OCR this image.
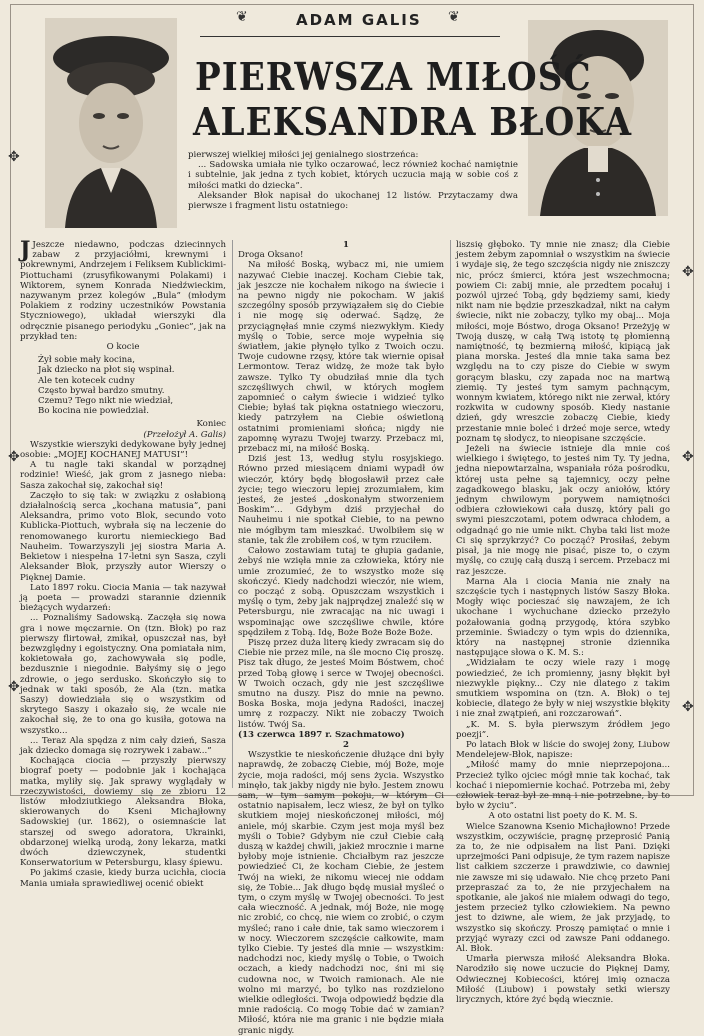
✥
✥
✥
✥
✥
✥
❦	❦
ADAM GALIS
PIERWSZA MIŁOŚĆ
ALEKSANDRA BŁOKA

pierwszej wielkiej miłości jej genialnego siostrzeńca:

... Sadowska umiała nie tylko oczarować, lecz również kochać namiętnie i subtelnie, jak jedna z tych kobiet, których uczucia mają w sobie coś z miłości matki do dziecka”.

Aleksander Błok napisał do ukochanej 12 listów. Przytaczamy dwa pierwsze i fragment listu ostatniego:

J Jeszcze niedawno, podczas dziecinnych zabaw z przyjaciółmi, krewnymi i pokrewnymi, Andrzejem i Feliksem Kublickimi-Piottuchami (zrusyfikowanymi Polakami) i Wiktorem, synem Konrada Niedźwieckim, nazywanym przez kolegów „Bula” (młodym Polakiem z rodziny uczestników Powstania Styczniowego), układał wierszyki dla odręcznie pisanego periodyku „Goniec”, jak na przykład ten:

O kocie

Żył sobie mały kocina,
Jak dziecko na płot się wspinał.
Ale ten kotecek cudny
Często bywał bardzo smutny.
Czemu? Tego nikt nie wiedział,
Bo kocina nie powiedział.

Koniec

(Przełożył A. Galis)

Wszystkie wierszyki dedykowane były jednej osobie: „MOJEJ KOCHANEJ MATUSI”!

A tu nagle taki skandal w porządnej rodzinie! Wieść, jak grom z jasnego nieba: Sasza zakochał się, zakochał się!

Zaczęło to się tak: w związku z osłabioną działalnością serca „kochana matusia”, pani Aleksandra, primo voto Blok, secundo voto Kublicka-Piottuch, wybrała się na leczenie do renomowanego kurortu niemieckiego Bad Nauheim. Towarzyszyli jej siostra Maria A. Bekietow i niespełna 17-letni syn Sasza, czyli Aleksander Błok, przyszły autor Wierszy o Pięknej Damie.

Lato 1897 roku. Ciocia Mania — tak nazywał ją poeta — prowadzi starannie dziennik bieżących wydarzeń:

... Poznaliśmy Sadowską. Zaczęła się nowa gra i nowe męczarnie. On (tzn. Błok) po raz pierwszy flirtował, zmikał, opuszczał nas, był bezwzględny i egoistyczny. Ona pomiatała nim, kokietowała go, zachowywała się podle, bezdusznie i niegodnie. Bałyśmy się o jego zdrowie, o jego serdusko. Skończyło się to jednak w taki sposób, że Ala (tzn. matka Saszy) dowiedziała się o wszystkim od skrytego Saszy i okazało się, że wcale nie zakochał się, że to ona go kusiła, gotowa na wszystko...

... Teraz Ala spędza z nim cały dzień, Sasza jak dziecko domaga się rozrywek i zabaw...”

Kochająca ciocia — przyszły pierwszy biograf poety — podobnie jak i kochająca matka, myliły się. Jak sprawy wyglądały w rzeczywistości, dowiemy się ze zbioru 12 listów młodziutkiego Aleksandra Błoka, skierowanych do Kseni Michajłowny Sadowskiej (ur. 1862), o osiemnaście lat starszej od swego adoratora, Ukrainki, obdarzonej wielką urodą, żony lekarza, matki dwóch dziewczynek, studentki Konserwatorium w Petersburgu, klasy śpiewu.

Po jakimś czasie, kiedy burza ucichła, ciocia Mania umiała sprawiedliwej ocenić obiekt

1

Droga Oksano!

Na miłość Boską, wybacz mi, nie umiem nazywać Ciebie inaczej. Kocham Ciebie tak, jak jeszcze nie kochałem nikogo na świecie i na pewno nigdy nie pokocham. W jakiś szczególny sposób przywiązałem się do Ciebie i nie mogę się oderwać. Sądzę, że przyciągnęłaś mnie czymś niezwykłym. Kiedy myślę o Tobie, serce moje wypełnia się światłem, jakie płynęło tylko z Twoich oczu. Twoje cudowne rzęsy, które tak wiernie opisał Lermontow. Teraz widzę, że może tak było zawsze. Tylko Ty obudziłaś mnie dla tych szczęśliwych chwil, w których mogłem zapomnieć o całym świecie i widzieć tylko Ciebie; byłaś tak piękna ostatniego wieczoru, kiedy patrzyłem na Ciebie oświetloną ostatnimi promieniami słońca; nigdy nie zapomnę wyrazu Twojej twarzy. Przebacz mi, przebacz mi, na miłość Boską.

Dziś jest 13, według stylu rosyjskiego. Równo przed miesiącem dniami wypadł ów wieczór, który będę błogosławił przez całe życie; tego wieczoru lepiej zrozumiałem, kim jesteś, że jesteś „doskonałym stworzeniem Boskim”... Gdybym dziś przyjechał do Nauheimu i nie spotkał Ciebie, to na pewno nie mógłbym tam mieszkać. Uwolbiłem się w stanie, tak źle zrobiłem coś, w tym rzuciłem.

Całowo zostawiam tutaj te głupia gadanie, żebyś nie wzięła mnie za człowieka, który nie umie zrozumieć, że to wszystko może się skończyć. Kiedy nadchodzi wieczór, nie wiem, co począć z sobą. Opuszczam wszystkich i myślę o tym, żeby jak najprędzej znaleźć się w Petersburgu, nie zwracając na nic uwagi i wspominając owe szczęśliwe chwile, które spędziłem z Tobą. Idę, Boże Boże Boże Boże.

Piszę przez duża literę kiedy zwracam się do Ciebie nie przez mile, na śle mocno Cię proszę. Pisz tak długo, że jesteś Moim Bóstwem, choć przed Tobą głowę i serce w Twojej obecności. W Twoich oczach, gdy nie jest szczęśliwe smutno na duszy. Pisz do mnie na pewno. Boska Boska, moja jedyna Radości, inaczej umrę z rozpaczy. Nikt nie zobaczy Twoich listów. Twój Sa.

(13 czerwca 1897 r. Szachmatowo)

2

Wszystkie te nieskończenie dłużące dni były naprawdę, że zobaczę Ciebie, mój Boże, moje życie, moja radości, mój sens życia. Wszystko minęło, tak jakby nigdy nie było. Jestem znowu sam, w tym samym pokoju, w którym Ci ostatnio napisałem, lecz wiesz, że był on tylko skutkiem mojej nieskończonej miłości, mój aniele, mój skarbie. Czym jest moja myśl bez myśli o Tobie? Gdybym nie czuł Ciebie całą duszą w każdej chwili, jakież mrocznie i marne byłoby moje istnienie. Chciałbym raz jeszcze powiedzieć Ci, że kocham Ciebie, że jestem Twój na wieki, że nikomu wiecej nie oddam się, że Tobie... Jak długo będę musiał myśleć o tym, o czym myślę w Twojej obecności. To jest cała wieczność. A jednak, mój Boże, nie mogę nic zrobić, co chcę, nie wiem co zrobić, o czym myśleć; rano i całe dnie, tak samo wieczorem i w nocy. Wieczorem szczęście całkowite, mam tylko Ciebie. Ty jesteś dla mnie — wszystkim: nadchodzi noc, kiedy myślę o Tobie, o Twoich oczach, a kiedy nadchodzi noc, śni mi się cudowna noc, w Twoich ramionach. Ale nie wolno mi marzyć, bo tylko nas rozdzielono wielkie odległości. Twoja odpowiedź będzie dla mnie radością. Co mogę Tobie dać w zamian? Miłość, która nie ma granic i nie będzie miała granic nigdy.

liszsię głęboko. Ty mnie nie znasz; dla Ciebie jestem żebym zapomniał o wszystkim na świecie i wydaje się, że tego szczęścia nigdy nie zniszczy nic, prócz śmierci, która jest wszechmocna; powiem Ci: zabij mnie, ale przedtem pocałuj i pozwól ujrzeć Tobą, gdy będziemy sami, kiedy nikt nam nie będzie przeszkadzał, nikt na całym świecie, nikt nie zobaczy, tylko my obaj... Moja miłości, moje Bóstwo, droga Oksano! Przeżyję w Twoją duszę, w całą Twą istotę tę płomienną namiętność, tę bezmierną miłość, kipiącą jak piana morska. Jesteś dla mnie taka sama bez względu na to czy pisze do Ciebie w swym gorącym blasku, czy zapada noc na martwą ziemię. Ty jesteś tym samym pachnącym, wonnym kwiatem, którego nikt nie zerwał, który rozkwita w cudowny sposób. Kiedy nastanie dzień, gdy wreszcie zobaczę Ciebie, kiedy przestanie mnie boleć i drżeć moje serce, wtedy poznam tę słodycz, to nieopisane szczęście.

Jeżeli na świecie istnieje dla mnie coś wielkiego i świętego, to jesteś nim Ty. Ty jedna, jedna niepowtarzalna, wspaniała róża pośrodku, której usta pełne są tajemnicy, oczy pełne zagadkowego blasku, jak oczy aniołów, który jednym chwilowym porywem namiętności odbiera człowiekowi cała duszę, który pali go swymi pieszczotami, potem odwraca chłodem, a odgadnąć go nie umie nikt. Chyba taki list może Ci się sprzykrzyć? Co począć? Prosiłaś, żebym pisał, ja nie mogę nie pisać, pisze to, o czym myślę, co czuję całą duszą i sercem. Przebacz mi raz jeszcze.

Marna Ala i ciocia Mania nie znały na szczęście tych i następnych listów Saszy Błoka. Mogły więc pocieszać się nawzajem, że ich ukochane i wychuchane dziecko przeżyło pożałowania godną przygodę, która szybko przeminie. Świadczy o tym wpis do dziennika, który na następnej stronie dziennika następujące słowa o K. M. S.:

„Widziałam te oczy wiele razy i mogę powiedzieć, że ich promienny, jasny błękit był niezwykle piękny... Czy nie dlatego z takim smutkiem wspomina on (tzn. A. Błok) o tej kobiecie, dlatego że były w niej wszystkie błękity i nie znał zwątpień, ani rozczarowań”.

„K. M. S. była pierwszym źródłem jego poezji”.

Po latach Błok w liście do swojej żony, Liubow Mendelejew-Błok, napisze:

„Miłość mamy do mnie nieprzepojona... Przecież tylko ojciec mógł mnie tak kochać, tak kochać i niepomiernie kochać. Potrzeba mi, żeby człowiek teraz był ze mną i nie potrzebne, by to było w życiu”.

A oto ostatni list poety do K. M. S.

Wielce Szanowna Ksenio Michajłowno! Przede wszystkim, oczywiście, pragnę przeprosić Panią za to, że nie odpisałem na list Pani. Dzięki uprzejmości Pani odpisuje, że tym razem napisze list całkiem szczerze i prawdziwie, co dawniej nie zawsze mi się udawało. Nie chcę przeto Pani przepraszać za to, że nie przyjechałem na spotkanie, ale jakoś nie miałem odwagi do tego, jestem przecież tylko człowiekiem. Na pewno jest to dziwne, ale wiem, że jak przyjadę, to wszystko się skończy. Proszę pamiętać o mnie i przyjąć wyrazy czci od zawsze Pani oddanego. Al. Błok.

Umarła pierwsza miłość Aleksandra Błoka. Narodziło się nowe uczucie do Pięknej Damy, Odwiecznej Kobiecości, której imię oznacza Miłość (Liubow) i powstały setki wierszy lirycznych, które żyć będą wiecznie.
